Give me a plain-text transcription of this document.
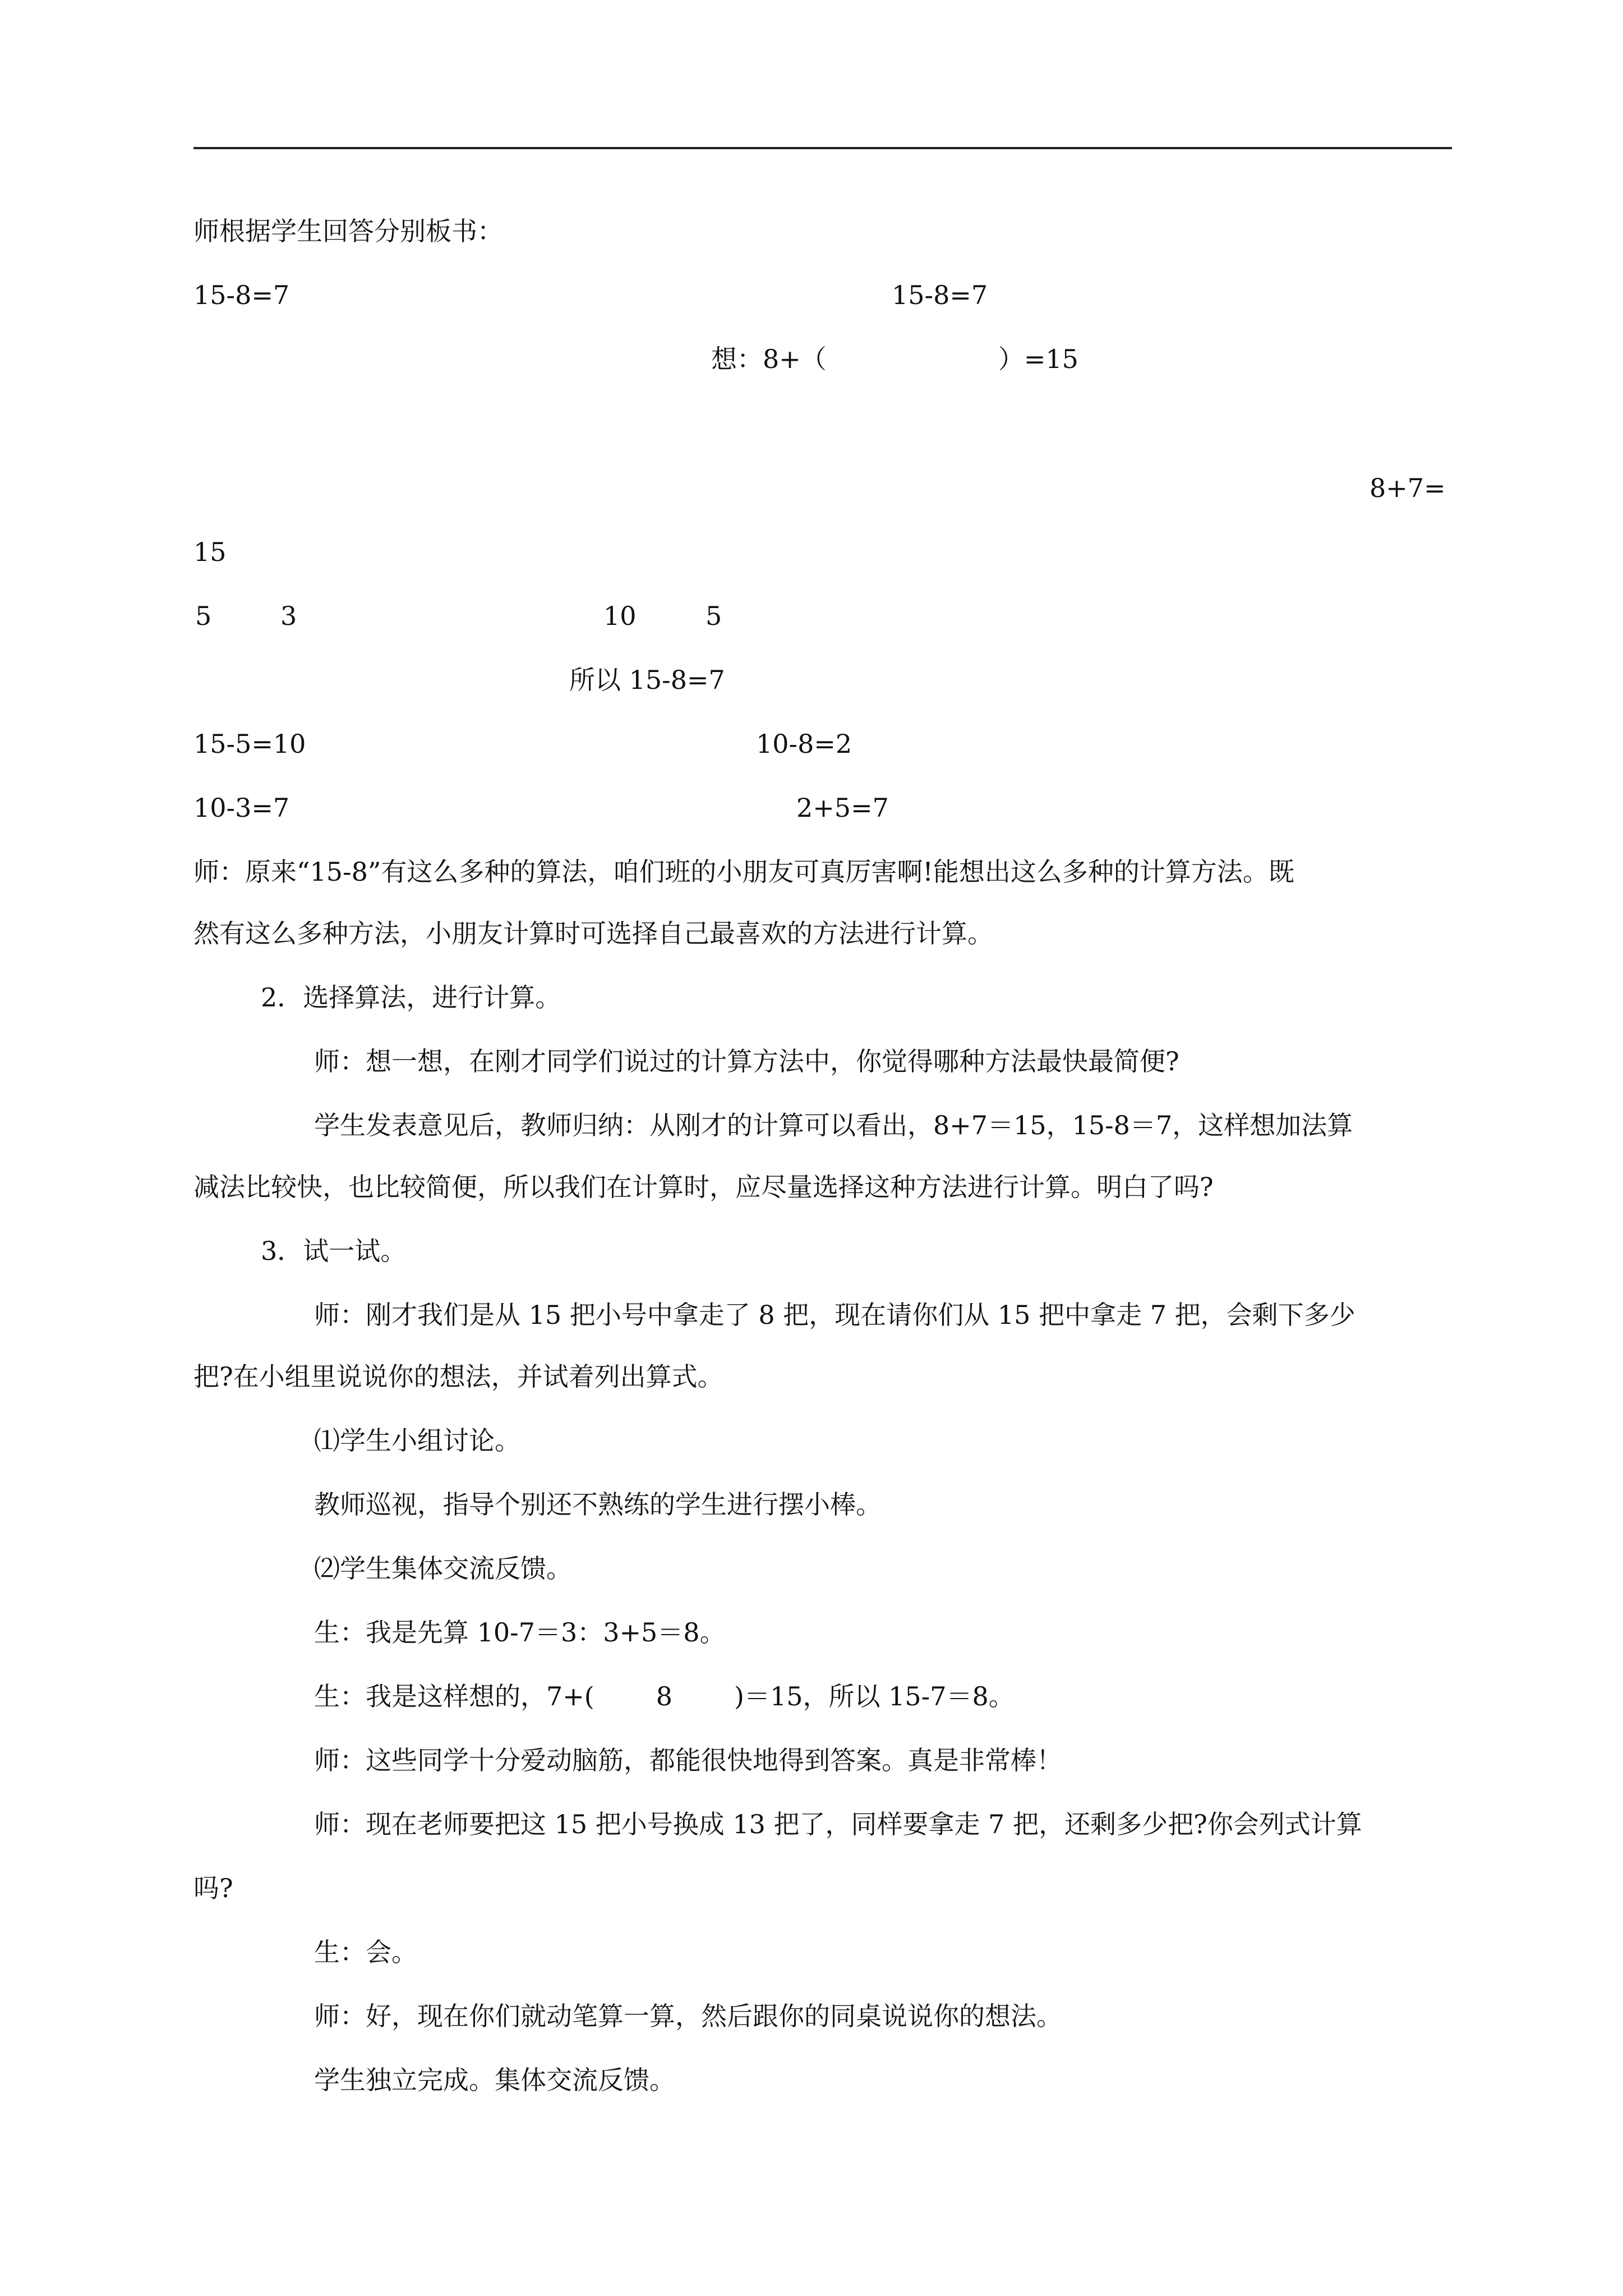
师根据学生回答分别板书：
15-8=7	15-8=7
想：8+（	）=15
8+7=
15
5	3	10	5
所以 15-8=7
15-5=10	10-8=2
10-3=7	2+5=7
师：原来“15-8”有这么多种的算法，咱们班的小朋友可真厉害啊!能想出这么多种的计算方法。既
然有这么多种方法，小朋友计算时可选择自己最喜欢的方法进行计算。
2．选择算法，进行计算。
师：想一想，在刚才同学们说过的计算方法中，你觉得哪种方法最快最简便?
学生发表意见后，教师归纳：从刚才的计算可以看出，8+7＝15，15-8＝7，这样想加法算
减法比较快，也比较简便，所以我们在计算时，应尽量选择这种方法进行计算。明白了吗?
3．试一试。
师：刚才我们是从 15 把小号中拿走了 8 把，现在请你们从 15 把中拿走 7 把，会剩下多少
把?在小组里说说你的想法，并试着列出算式。
⑴学生小组讨论。
教师巡视，指导个别还不熟练的学生进行摆小棒。
⑵学生集体交流反馈。
生：我是先算 10-7＝3：3+5＝8。
生：我是这样想的，7+( 8 )＝15，所以 15-7＝8。
师：这些同学十分爱动脑筋，都能很快地得到答案。真是非常棒！
师：现在老师要把这 15 把小号换成 13 把了，同样要拿走 7 把，还剩多少把?你会列式计算
吗?
生：会。
师：好，现在你们就动笔算一算，然后跟你的同桌说说你的想法。
学生独立完成。集体交流反馈。
